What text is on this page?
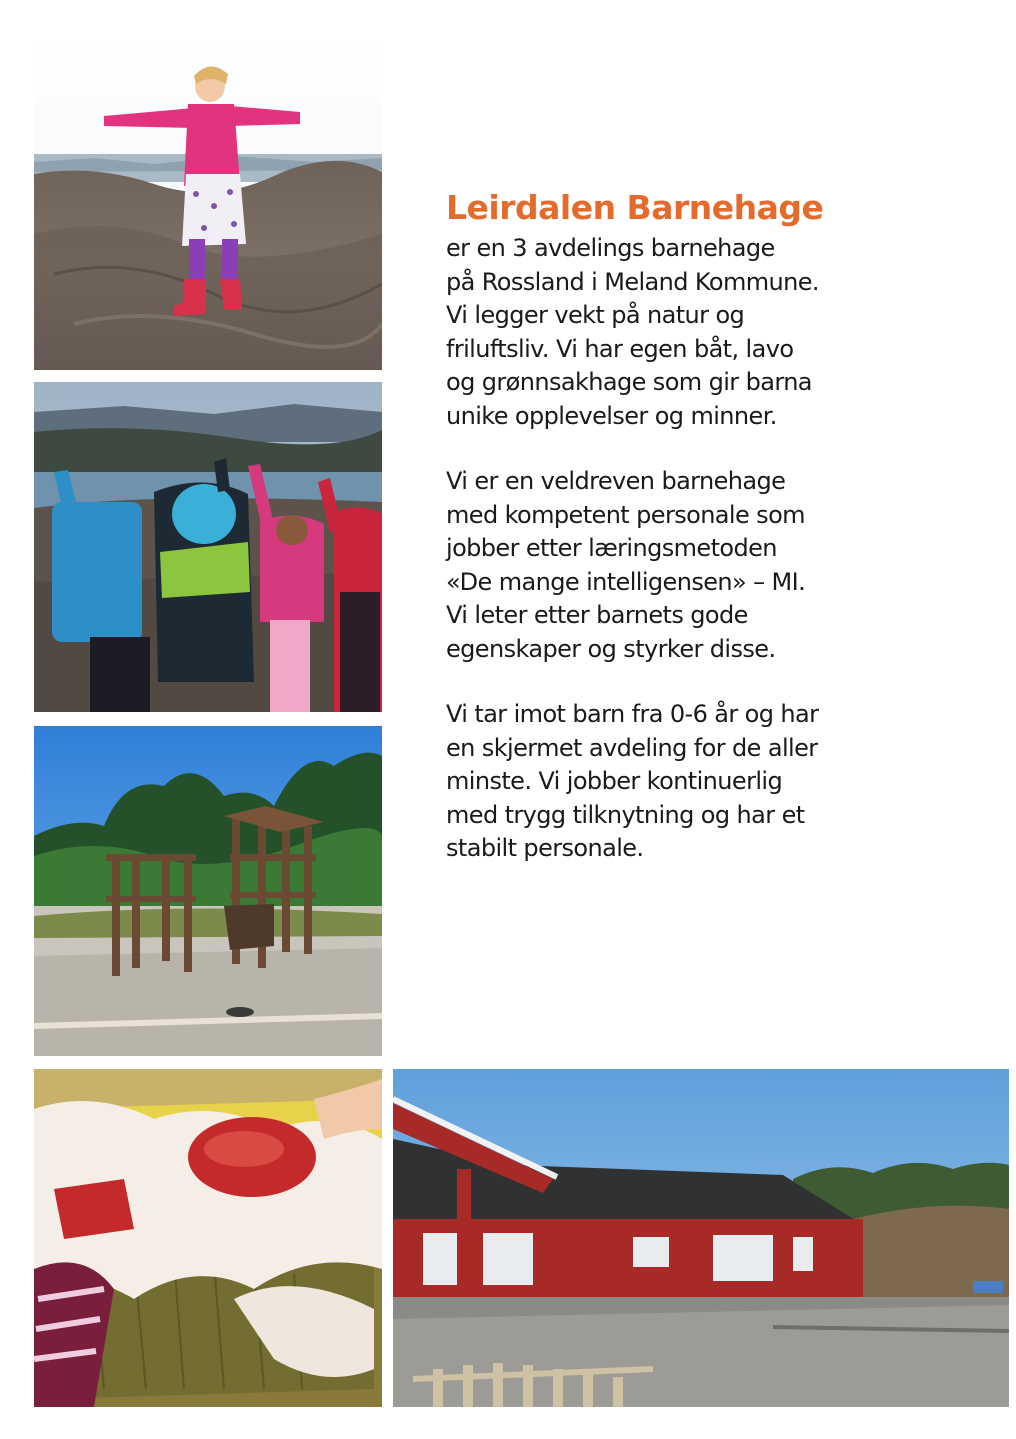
Leirdalen Barnehage
er en 3 avdelings barnehage
på Rossland i Meland Kommune.
Vi legger vekt på natur og
friluftsliv. Vi har egen båt, lavo
og grønnsakhage som gir barna
unike opplevelser og minner.
Vi er en veldreven barnehage
med kompetent personale som
jobber etter læringsmetoden
«De mange intelligensen» – MI.
Vi leter etter barnets gode
egenskaper og styrker disse.
Vi tar imot barn fra 0-6 år og har
en skjermet avdeling for de aller
minste. Vi jobber kontinuerlig
med trygg tilknytning og har et
stabilt personale.
